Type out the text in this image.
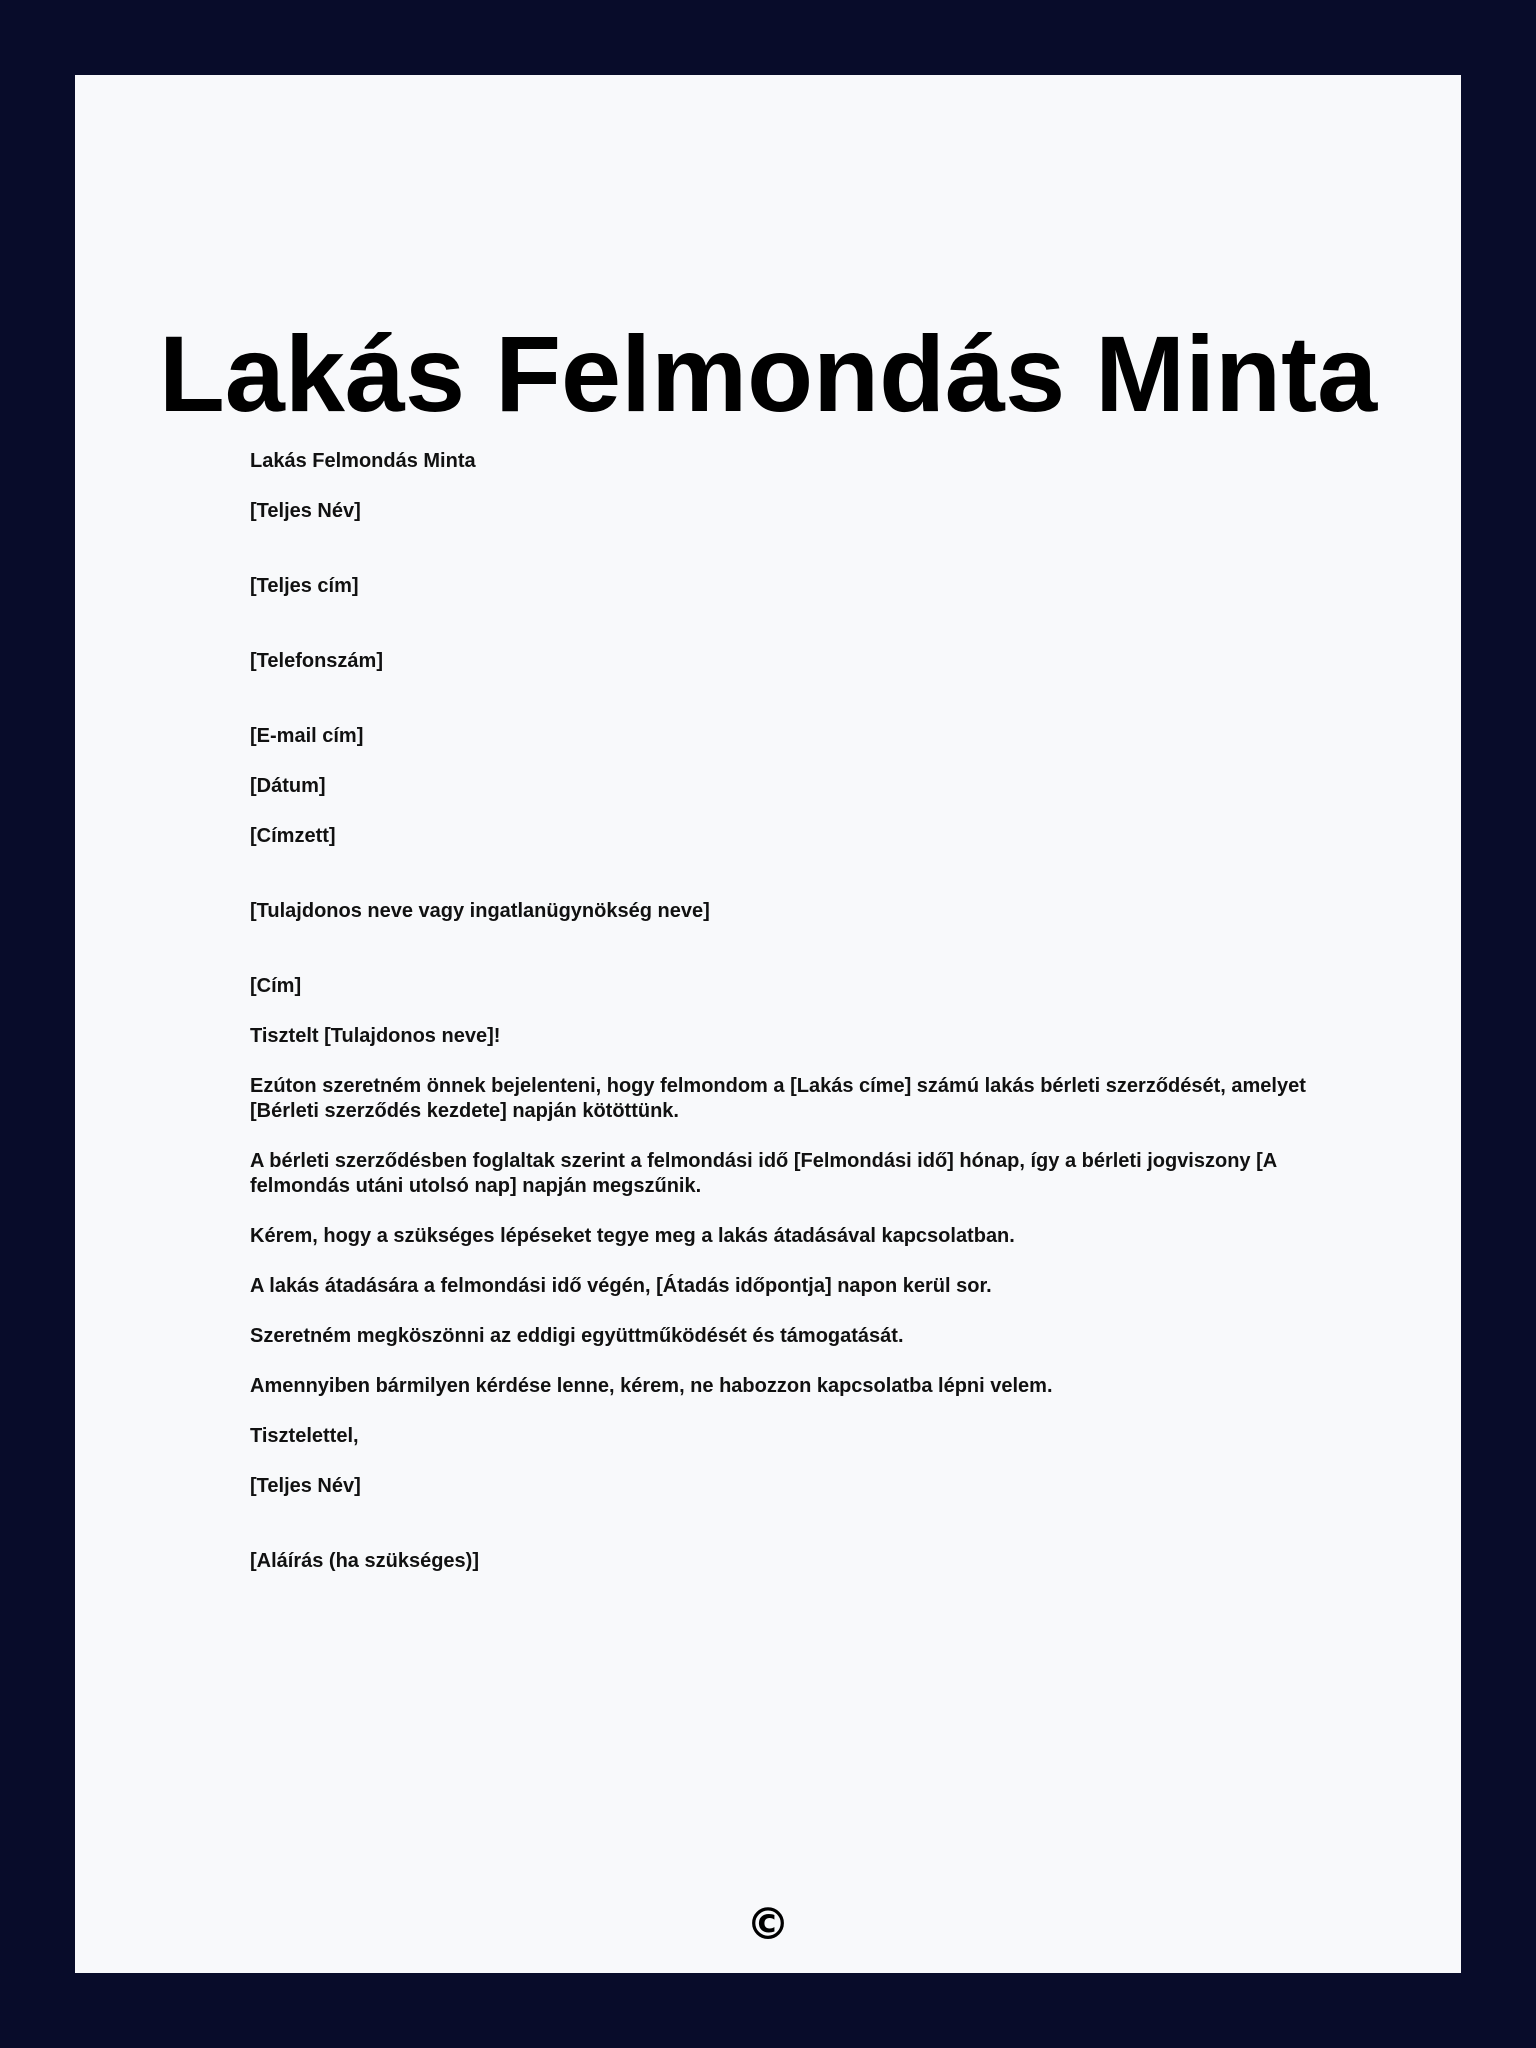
Lakás Felmondás Minta
Lakás Felmondás Minta
[Teljes Név]
[Teljes cím]
[Telefonszám]
[E-mail cím]
[Dátum]
[Címzett]
[Tulajdonos neve vagy ingatlanügynökség neve]
[Cím]
Tisztelt [Tulajdonos neve]!
Ezúton szeretném önnek bejelenteni, hogy felmondom a [Lakás címe] számú lakás bérleti szerződését, amelyet [Bérleti szerződés kezdete] napján kötöttünk.
A bérleti szerződésben foglaltak szerint a felmondási idő [Felmondási idő] hónap, így a bérleti jogviszony [A felmondás utáni utolsó nap] napján megszűnik.
Kérem, hogy a szükséges lépéseket tegye meg a lakás átadásával kapcsolatban.
A lakás átadására a felmondási idő végén, [Átadás időpontja] napon kerül sor.
Szeretném megköszönni az eddigi együttműködését és támogatását.
Amennyiben bármilyen kérdése lenne, kérem, ne habozzon kapcsolatba lépni velem.
Tisztelettel,
[Teljes Név]
[Aláírás (ha szükséges)]
©
